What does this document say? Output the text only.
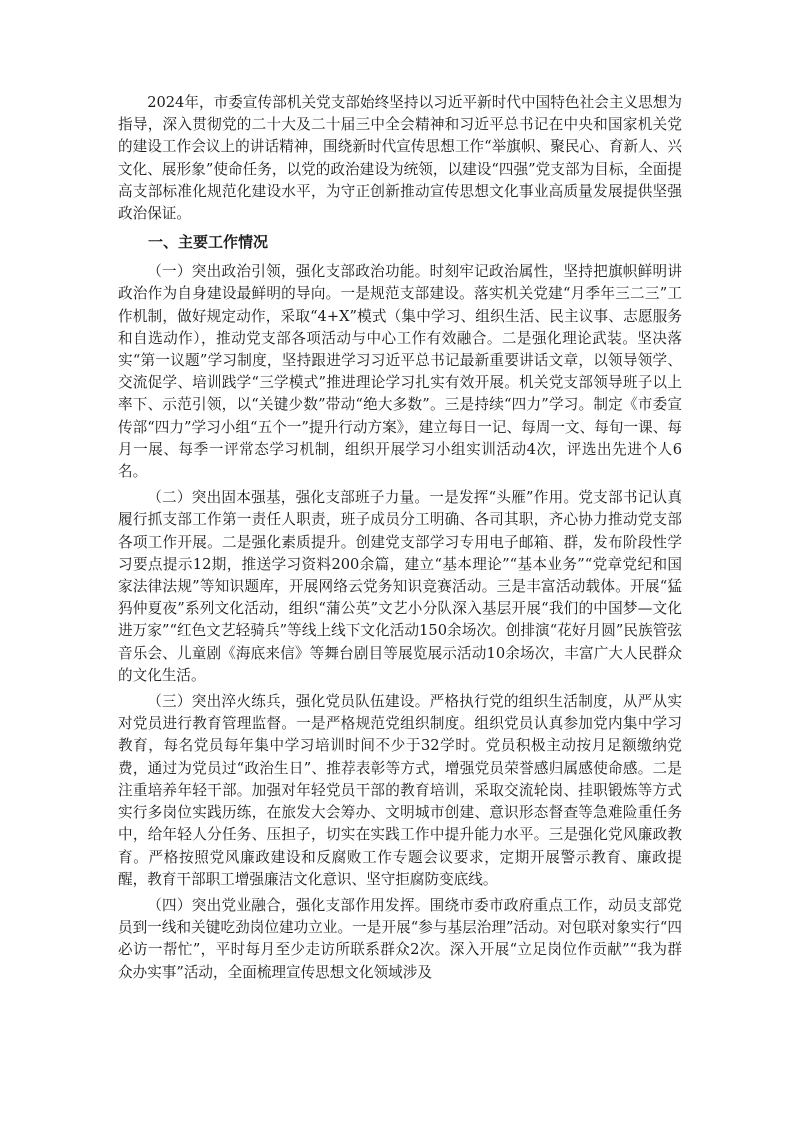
2024年，市委宣传部机关党支部始终坚持以习近平新时代中国特色社会主义思想为指导，深入贯彻党的二十大及二十届三中全会精神和习近平总书记在中央和国家机关党的建设工作会议上的讲话精神，围绕新时代宣传思想工作“举旗帜、聚民心、育新人、兴文化、展形象”使命任务，以党的政治建设为统领，以建设“四强”党支部为目标，全面提高支部标准化规范化建设水平，为守正创新推动宣传思想文化事业高质量发展提供坚强政治保证。

一、主要工作情况

（一）突出政治引领，强化支部政治功能。时刻牢记政治属性，坚持把旗帜鲜明讲政治作为自身建设最鲜明的导向。一是规范支部建设。落实机关党建“月季年三二三”工作机制，做好规定动作，采取“4+X”模式（集中学习、组织生活、民主议事、志愿服务和自选动作），推动党支部各项活动与中心工作有效融合。二是强化理论武装。坚决落实“第一议题”学习制度，坚持跟进学习习近平总书记最新重要讲话文章，以领导领学、交流促学、培训践学“三学模式”推进理论学习扎实有效开展。机关党支部领导班子以上率下、示范引领，以“关键少数”带动“绝大多数”。三是持续“四力”学习。制定《市委宣传部“四力”学习小组“五个一”提升行动方案》，建立每日一记、每周一文、每旬一课、每月一展、每季一评常态学习机制，组织开展学习小组实训活动4次，评选出先进个人6名。

（二）突出固本强基，强化支部班子力量。一是发挥“头雁”作用。党支部书记认真履行抓支部工作第一责任人职责，班子成员分工明确、各司其职，齐心协力推动党支部各项工作开展。二是强化素质提升。创建党支部学习专用电子邮箱、群，发布阶段性学习要点提示12期，推送学习资料200余篇，建立“基本理论”“基本业务”“党章党纪和国家法律法规”等知识题库，开展网络云党务知识竞赛活动。三是丰富活动载体。开展“猛犸仲夏夜”系列文化活动，组织“蒲公英”文艺小分队深入基层开展“我们的中国梦—文化进万家”“红色文艺轻骑兵”等线上线下文化活动150余场次。创排演“花好月圆”民族管弦音乐会、儿童剧《海底来信》等舞台剧目等展览展示活动10余场次，丰富广大人民群众的文化生活。

（三）突出淬火练兵，强化党员队伍建设。严格执行党的组织生活制度，从严从实对党员进行教育管理监督。一是严格规范党组织制度。组织党员认真参加党内集中学习教育，每名党员每年集中学习培训时间不少于32学时。党员积极主动按月足额缴纳党费，通过为党员过“政治生日”、推荐表彰等方式，增强党员荣誉感归属感使命感。二是注重培养年轻干部。加强对年轻党员干部的教育培训，采取交流轮岗、挂职锻炼等方式实行多岗位实践历练，在旅发大会筹办、文明城市创建、意识形态督查等急难险重任务中，给年轻人分任务、压担子，切实在实践工作中提升能力水平。三是强化党风廉政教育。严格按照党风廉政建设和反腐败工作专题会议要求，定期开展警示教育、廉政提醒，教育干部职工增强廉洁文化意识、坚守拒腐防变底线。

（四）突出党业融合，强化支部作用发挥。围绕市委市政府重点工作，动员支部党员到一线和关键吃劲岗位建功立业。一是开展“参与基层治理”活动。对包联对象实行“四必访一帮忙”，平时每月至少走访所联系群众2次。深入开展“立足岗位作贡献”“我为群众办实事”活动，全面梳理宣传思想文化领域涉及
